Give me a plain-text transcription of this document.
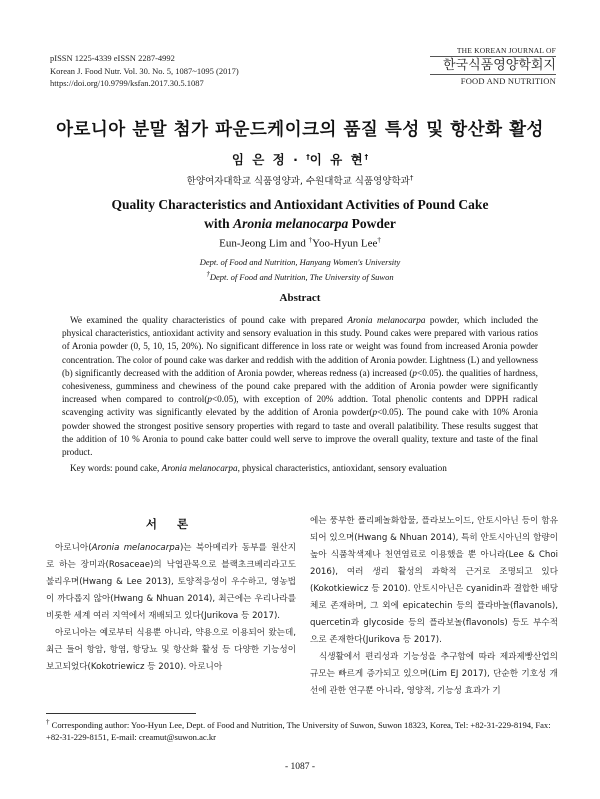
pISSN 1225-4339 eISSN 2287-4992
Korean J. Food Nutr. Vol. 30. No. 5, 1087~1095 (2017)
https://doi.org/10.9799/ksfan.2017.30.5.1087
THE KOREAN JOURNAL OF
한국식품영양학회지
FOOD AND NUTRITION
아로니아 분말 첨가 파운드케이크의 품질 특성 및 항산화 활성
임 은 정 · †이 유 현†
한양여자대학교 식품영양과, 수원대학교 식품영양학과†
Quality Characteristics and Antioxidant Activities of Pound Cake
with Aronia melanocarpa Powder
Eun-Jeong Lim and †Yoo-Hyun Lee†
Dept. of Food and Nutrition, Hanyang Women's University
†Dept. of Food and Nutrition, The University of Suwon
Abstract
We examined the quality characteristics of pound cake with prepared Aronia melanocarpa powder, which included the physical characteristics, antioxidant activity and sensory evaluation in this study. Pound cakes were prepared with various ratios of Aronia powder (0, 5, 10, 15, 20%). No significant difference in loss rate or weight was found from increased Aronia powder concentration. The color of pound cake was darker and reddish with the addition of Aronia powder. Lightness (L) and yellowness (b) significantly decreased with the addition of Aronia powder, whereas redness (a) increased (p<0.05). the qualities of hardness, cohesiveness, gumminess and chewiness of the pound cake prepared with the addition of Aronia powder were significantly increased when compared to control(p<0.05), with exception of 20% addtion. Total phenolic contents and DPPH radical scavenging activity was significantly elevated by the addition of Aronia powder(p<0.05). The pound cake with 10% Aronia powder showed the strongest positive sensory properties with regard to taste and overall palatibility. These results suggest that the addition of 10 % Aronia to pound cake batter could well serve to improve the overall quality, texture and taste of the final product.
Key words: pound cake, Aronia melanocarpa, physical characteristics, antioxidant, sensory evaluation
서 론

아로니아(Aronia melanocarpa)는 북아메리카 동부를 원산지로 하는 장미과(Rosaceae)의 낙엽관목으로 블랙초크베리라고도 불리우며(Hwang & Lee 2013), 토양적응성이 우수하고, 영농법이 까다롭지 않아(Hwang & Nhuan 2014), 최근에는 우리나라를 비롯한 세계 여러 지역에서 재배되고 있다(Jurikova 등 2017).

아로니아는 예로부터 식용뿐 아니라, 약용으로 이용되어 왔는데, 최근 들어 항암, 항염, 항당뇨 및 항산화 활성 등 다양한 기능성이 보고되었다(Kokotriewicz 등 2010). 아로니아

에는 풍부한 폴리페놀화합물, 플라보노이드, 안토시아닌 등이 함유되어 있으며(Hwang & Nhuan 2014), 특히 안토시아닌의 함량이 높아 식품착색제나 천연염료로 이용했을 뿐 아니라(Lee & Choi 2016), 여러 생리 활성의 과학적 근거로 조명되고 있다(Kokotkiewicz 등 2010). 안토시아닌은 cyanidin과 결합한 배당체로 존재하며, 그 외에 epicatechin 등의 플라바놀(flavanols), quercetin과 glycoside 등의 플라보놀(flavonols) 등도 부수적으로 존재한다(Jurikova 등 2017).

식생활에서 편리성과 기능성을 추구함에 따라 제과제빵산업의 규모는 빠르게 증가되고 있으며(Lim EJ 2017), 단순한 기호성 개선에 관한 연구뿐 아니라, 영양적, 기능성 효과가 기

† Corresponding author: Yoo-Hyun Lee, Dept. of Food and Nutrition, The University of Suwon, Suwon 18323, Korea, Tel: +82-31-229-8194, Fax: +82-31-229-8151, E-mail: creamut@suwon.ac.kr
- 1087 -
